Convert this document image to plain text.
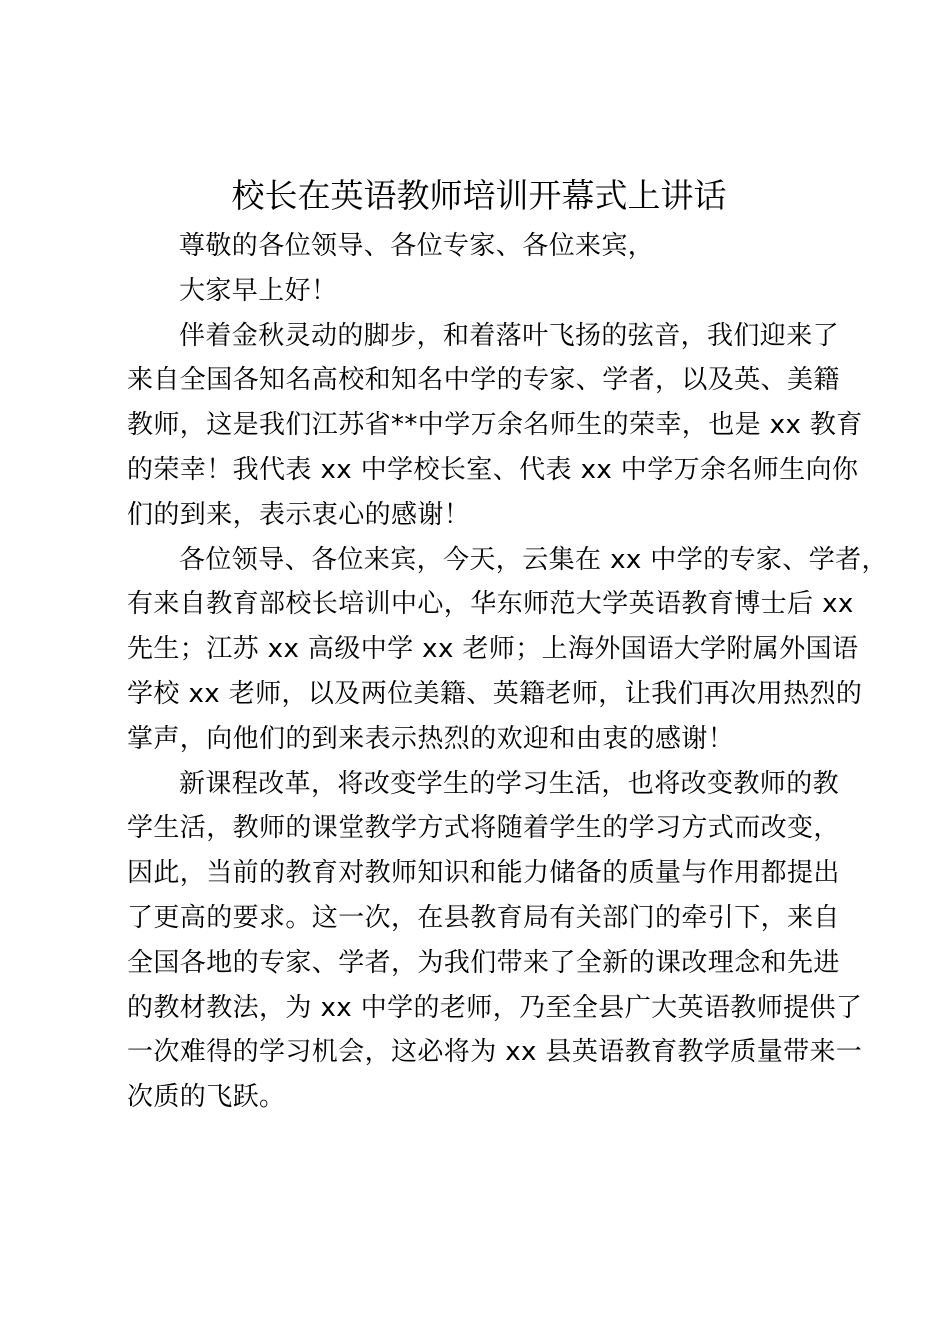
校长在英语教师培训开幕式上讲话
尊敬的各位领导、各位专家、各位来宾，
大家早上好！
伴着金秋灵动的脚步，和着落叶飞扬的弦音，我们迎来了
来自全国各知名高校和知名中学的专家、学者，以及英、美籍
教师，这是我们江苏省**中学万余名师生的荣幸，也是 xx 教育
的荣幸！我代表 xx 中学校长室、代表 xx 中学万余名师生向你
们的到来，表示衷心的感谢！
各位领导、各位来宾，今天，云集在 xx 中学的专家、学者，
有来自教育部校长培训中心，华东师范大学英语教育博士后 xx
先生；江苏 xx 高级中学 xx 老师；上海外国语大学附属外国语
学校 xx 老师，以及两位美籍、英籍老师，让我们再次用热烈的
掌声，向他们的到来表示热烈的欢迎和由衷的感谢！
新课程改革，将改变学生的学习生活，也将改变教师的教
学生活，教师的课堂教学方式将随着学生的学习方式而改变，
因此，当前的教育对教师知识和能力储备的质量与作用都提出
了更高的要求。这一次，在县教育局有关部门的牵引下，来自
全国各地的专家、学者，为我们带来了全新的课改理念和先进
的教材教法，为 xx 中学的老师，乃至全县广大英语教师提供了
一次难得的学习机会，这必将为 xx 县英语教育教学质量带来一
次质的飞跃。
